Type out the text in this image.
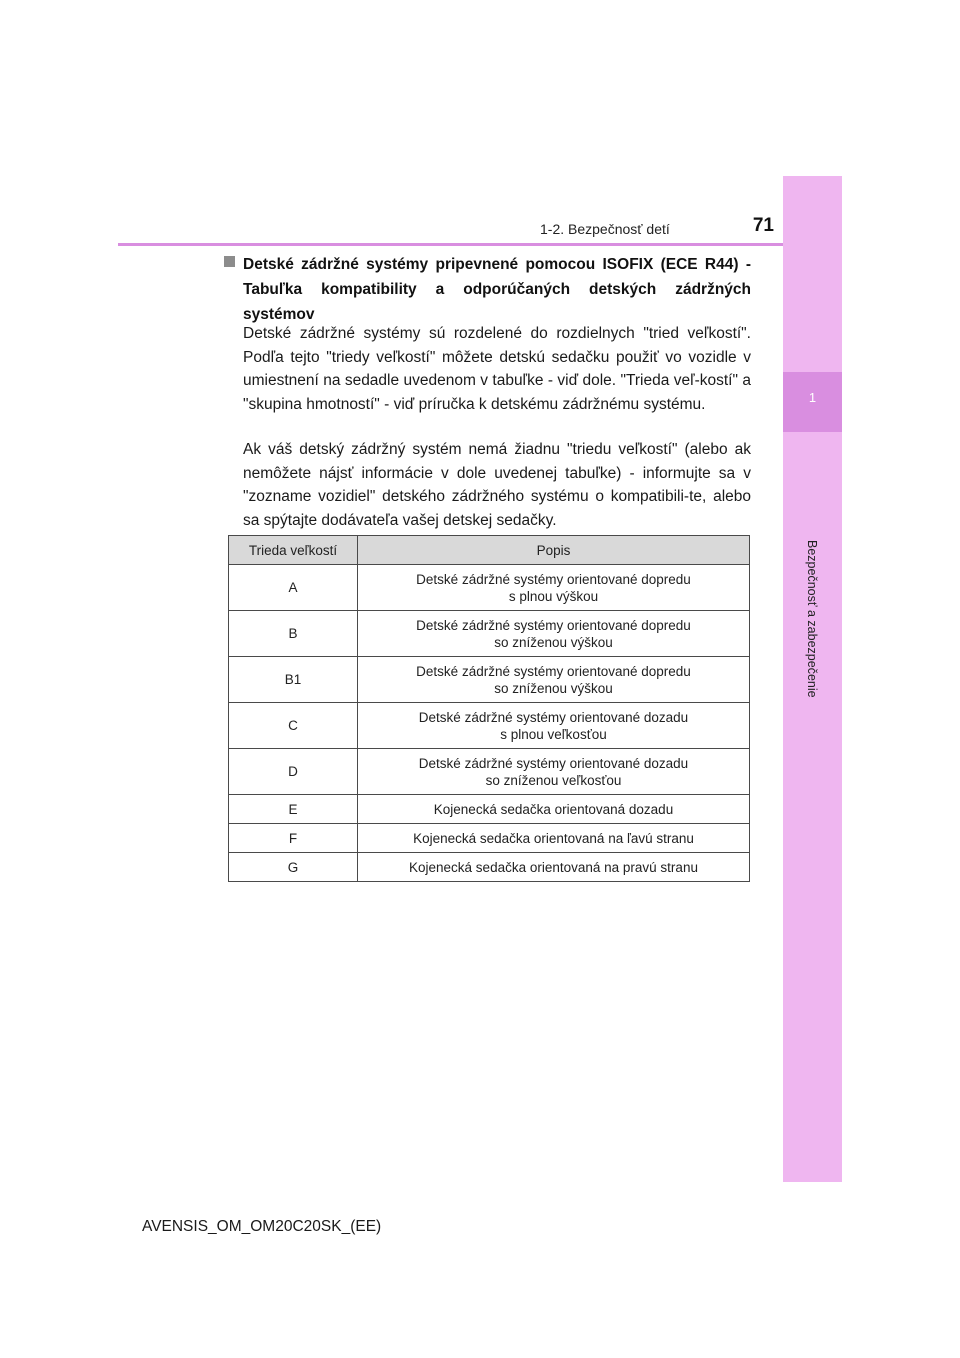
1
Bezpečnosť a zabezpečenie
1-2. Bezpečnosť detí	71
Detské zádržné systémy pripevnené pomocou ISOFIX (ECE R44) - Tabuľka kompatibility a odporúčaných detských zádržných systémov
Detské zádržné systémy sú rozdelené do rozdielnych "tried veľkostí". Podľa tejto "triedy veľkostí" môžete detskú sedačku použiť vo vozidle v umiestnení na sedadle uvedenom v tabuľke - viď dole. "Trieda veľ-kostí" a "skupina hmotností" - viď príručka k detskému zádržnému systému.
Ak váš detský zádržný systém nemá žiadnu "triedu veľkostí" (alebo ak nemôžete nájsť informácie v dole uvedenej tabuľke) - informujte sa v "zozname vozidiel" detského zádržného systému o kompatibili-te, alebo sa spýtajte dodávateľa vašej detskej sedačky.
Trieda veľkostí	Popis
A	Detské zádržné systémy orientované dopredu
s plnou výškou
B	Detské zádržné systémy orientované dopredu
so zníženou výškou
B1	Detské zádržné systémy orientované dopredu
so zníženou výškou
C	Detské zádržné systémy orientované dozadu
s plnou veľkosťou
D	Detské zádržné systémy orientované dozadu
so zníženou veľkosťou
E	Kojenecká sedačka orientovaná dozadu
F	Kojenecká sedačka orientovaná na ľavú stranu
G	Kojenecká sedačka orientovaná na pravú stranu
AVENSIS_OM_OM20C20SK_(EE)
